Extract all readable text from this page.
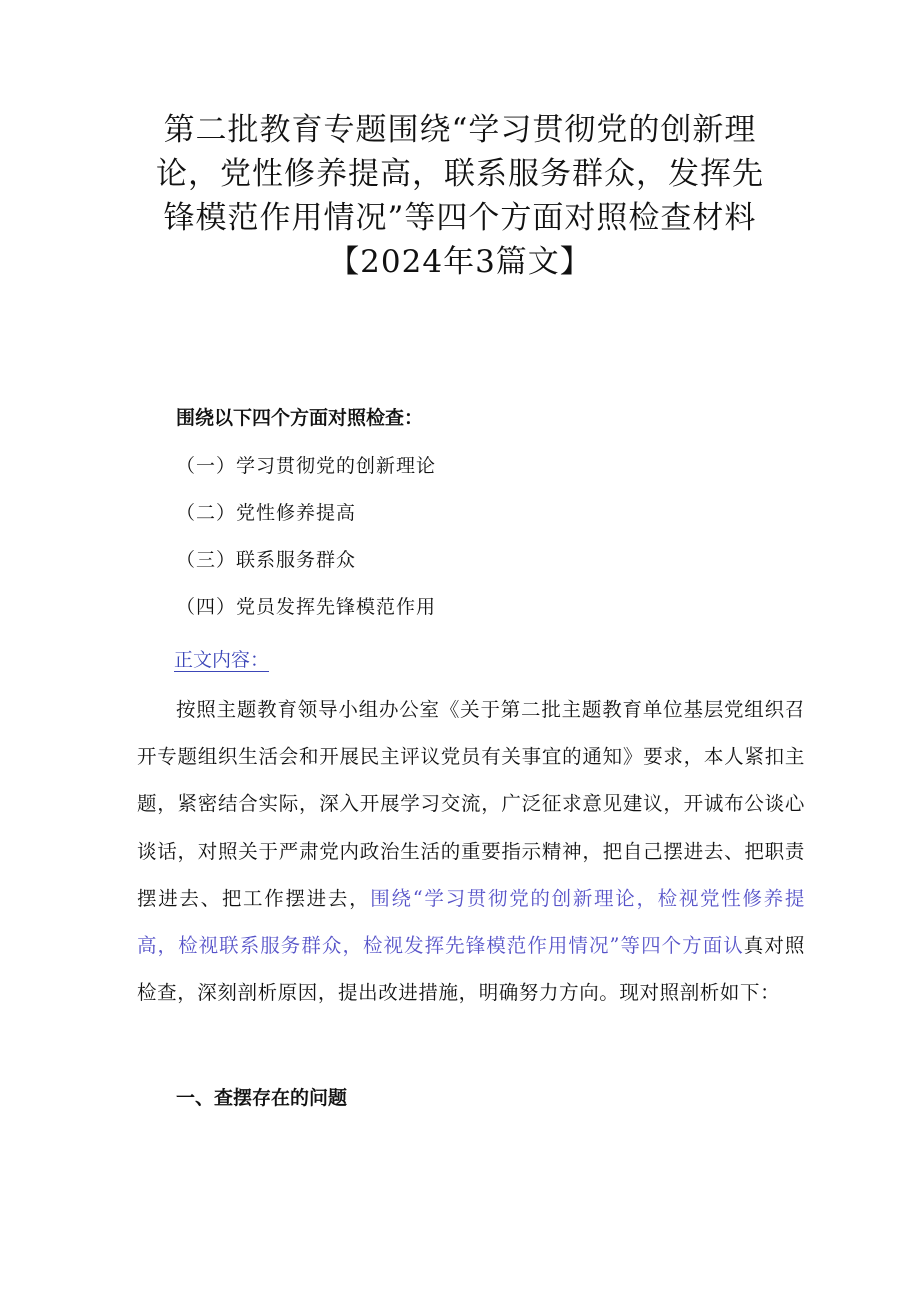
第二批教育专题围绕“学习贯彻党的创新理
论，党性修养提高，联系服务群众，发挥先
锋模范作用情况”等四个方面对照检查材料
【2024年3篇文】

围绕以下四个方面对照检查：

（一）学习贯彻党的创新理论
（二）党性修养提高
（三）联系服务群众
（四）党员发挥先锋模范作用
正文内容：

按照主题教育领导小组办公室《关于第二批主题教育单位基层党组织召开专题组织生活会和开展民主评议党员有关事宜的通知》要求，本人紧扣主题，紧密结合实际，深入开展学习交流，广泛征求意见建议，开诚布公谈心谈话，对照关于严肃党内政治生活的重要指示精神，把自己摆进去、把职责摆进去、把工作摆进去，围绕“学习贯彻党的创新理论，检视党性修养提高，检视联系服务群众，检视发挥先锋模范作用情况”等四个方面认真对照检查，深刻剖析原因，提出改进措施，明确努力方向。现对照剖析如下：

一、查摆存在的问题
